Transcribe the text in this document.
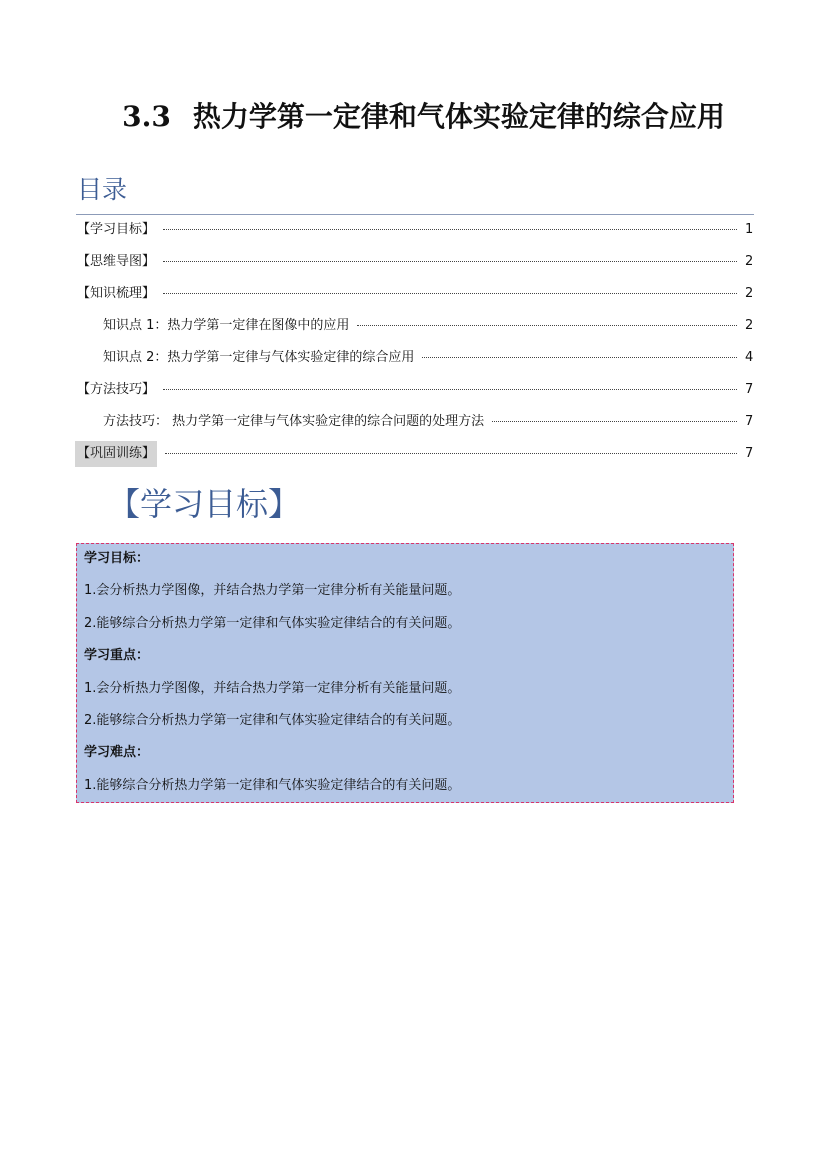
3.3 热力学第一定律和气体实验定律的综合应用
目录
【学习目标】	1
【思维导图】	2
【知识梳理】	2
知识点 1：热力学第一定律在图像中的应用	2
知识点 2：热力学第一定律与气体实验定律的综合应用	4
【方法技巧】	7
方法技巧： 热力学第一定律与气体实验定律的综合问题的处理方法	7
【巩固训练】	7
【学习目标】
学习目标：
1.会分析热力学图像，并结合热力学第一定律分析有关能量问题。
2.能够综合分析热力学第一定律和气体实验定律结合的有关问题。
学习重点：
1.会分析热力学图像，并结合热力学第一定律分析有关能量问题。
2.能够综合分析热力学第一定律和气体实验定律结合的有关问题。
学习难点：
1.能够综合分析热力学第一定律和气体实验定律结合的有关问题。
